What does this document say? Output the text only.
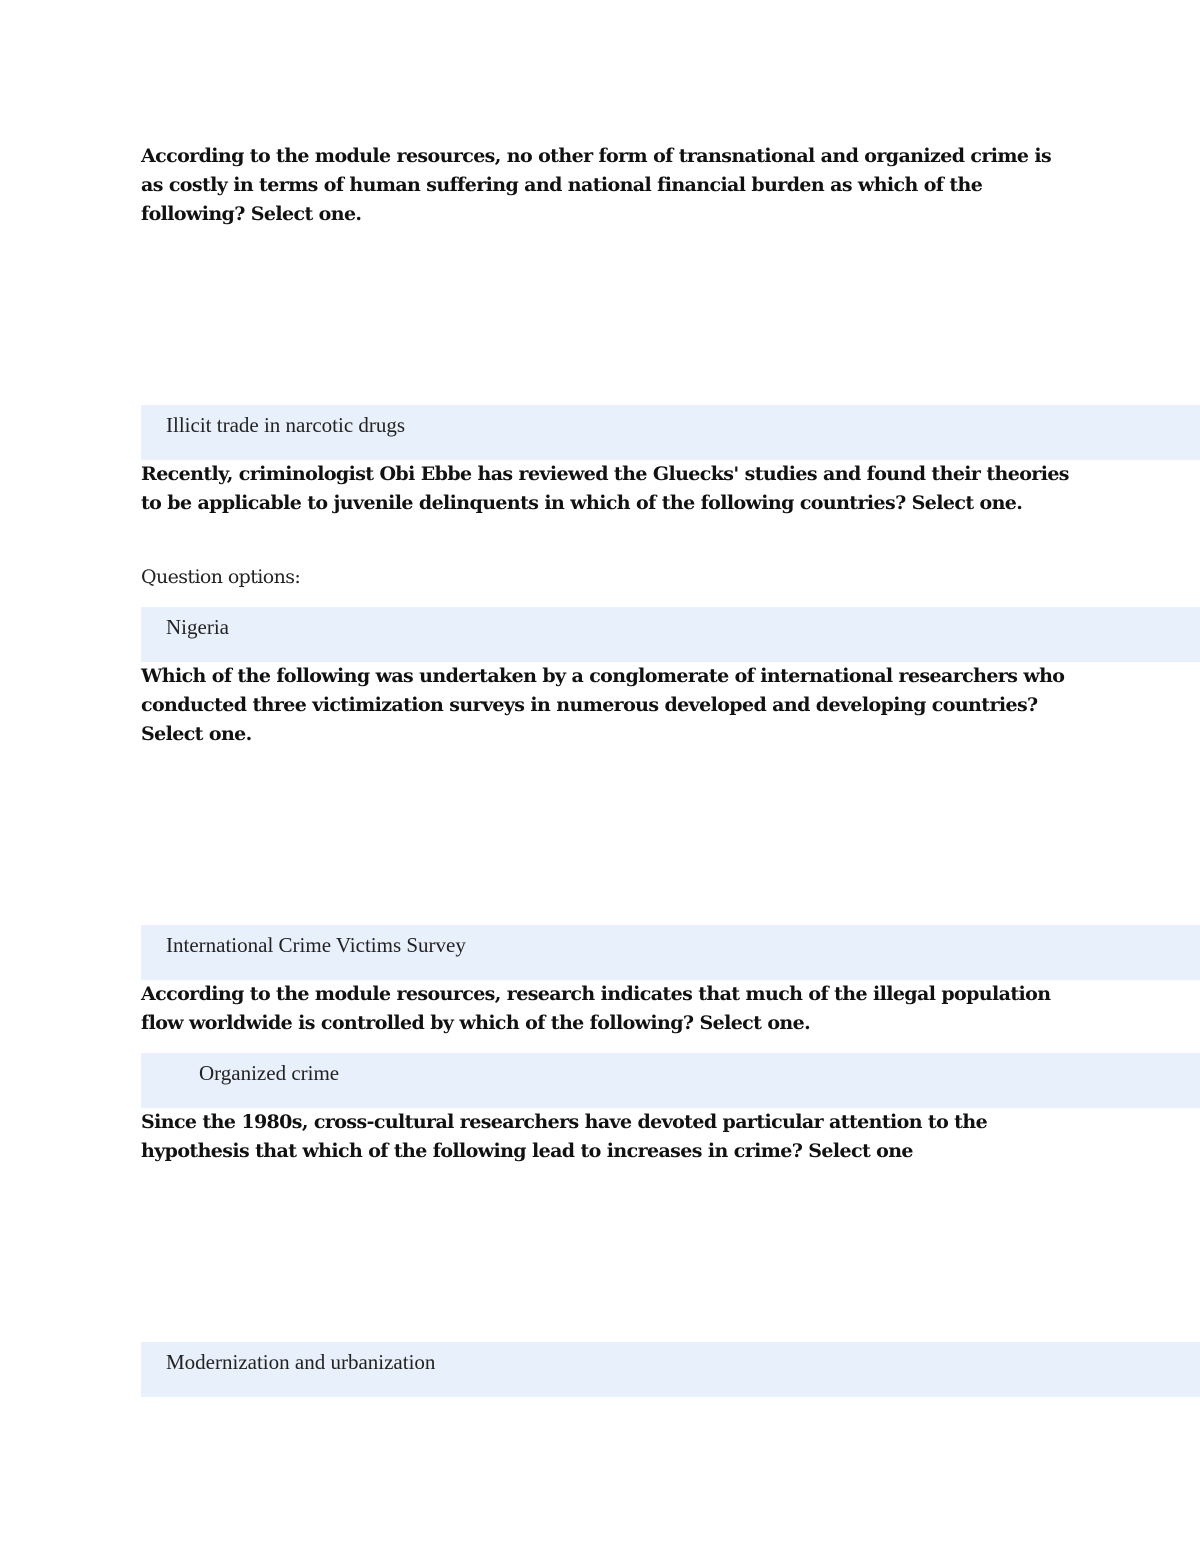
According to the module resources, no other form of transnational and organized crime is as costly in terms of human suffering and national financial burden as which of the following? Select one.

Illicit trade in narcotic drugs

Recently, criminologist Obi Ebbe has reviewed the Gluecks' studies and found their theories to be applicable to juvenile delinquents in which of the following countries? Select one.

Question options:

Nigeria

Which of the following was undertaken by a conglomerate of international researchers who conducted three victimization surveys in numerous developed and developing countries? Select one.

International Crime Victims Survey

According to the module resources, research indicates that much of the illegal population flow worldwide is controlled by which of the following? Select one.

Organized crime

Since the 1980s, cross-cultural researchers have devoted particular attention to the hypothesis that which of the following lead to increases in crime? Select one

Modernization and urbanization
